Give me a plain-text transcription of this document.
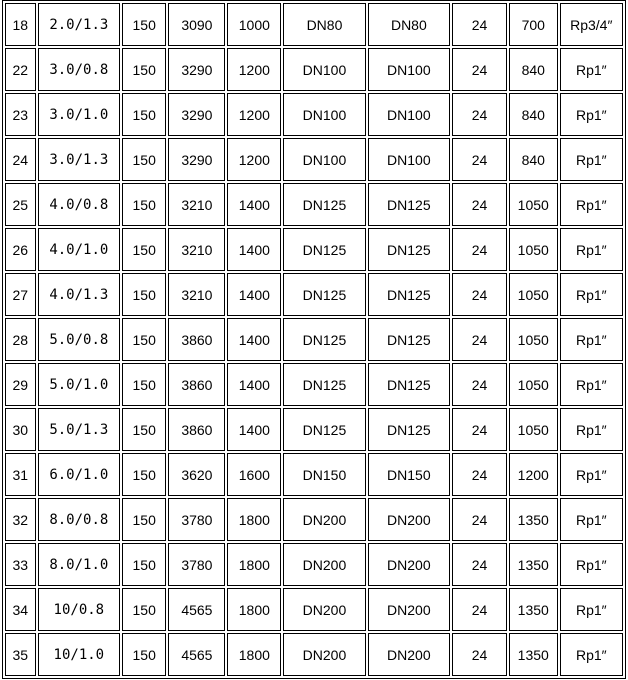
18	2.0/1.3	150	3090	1000	DN80	DN80	24	700	Rp3/4″
22	3.0/0.8	150	3290	1200	DN100	DN100	24	840	Rp1″
23	3.0/1.0	150	3290	1200	DN100	DN100	24	840	Rp1″
24	3.0/1.3	150	3290	1200	DN100	DN100	24	840	Rp1″
25	4.0/0.8	150	3210	1400	DN125	DN125	24	1050	Rp1″
26	4.0/1.0	150	3210	1400	DN125	DN125	24	1050	Rp1″
27	4.0/1.3	150	3210	1400	DN125	DN125	24	1050	Rp1″
28	5.0/0.8	150	3860	1400	DN125	DN125	24	1050	Rp1″
29	5.0/1.0	150	3860	1400	DN125	DN125	24	1050	Rp1″
30	5.0/1.3	150	3860	1400	DN125	DN125	24	1050	Rp1″
31	6.0/1.0	150	3620	1600	DN150	DN150	24	1200	Rp1″
32	8.0/0.8	150	3780	1800	DN200	DN200	24	1350	Rp1″
33	8.0/1.0	150	3780	1800	DN200	DN200	24	1350	Rp1″
34	10/0.8	150	4565	1800	DN200	DN200	24	1350	Rp1″
35	10/1.0	150	4565	1800	DN200	DN200	24	1350	Rp1″
